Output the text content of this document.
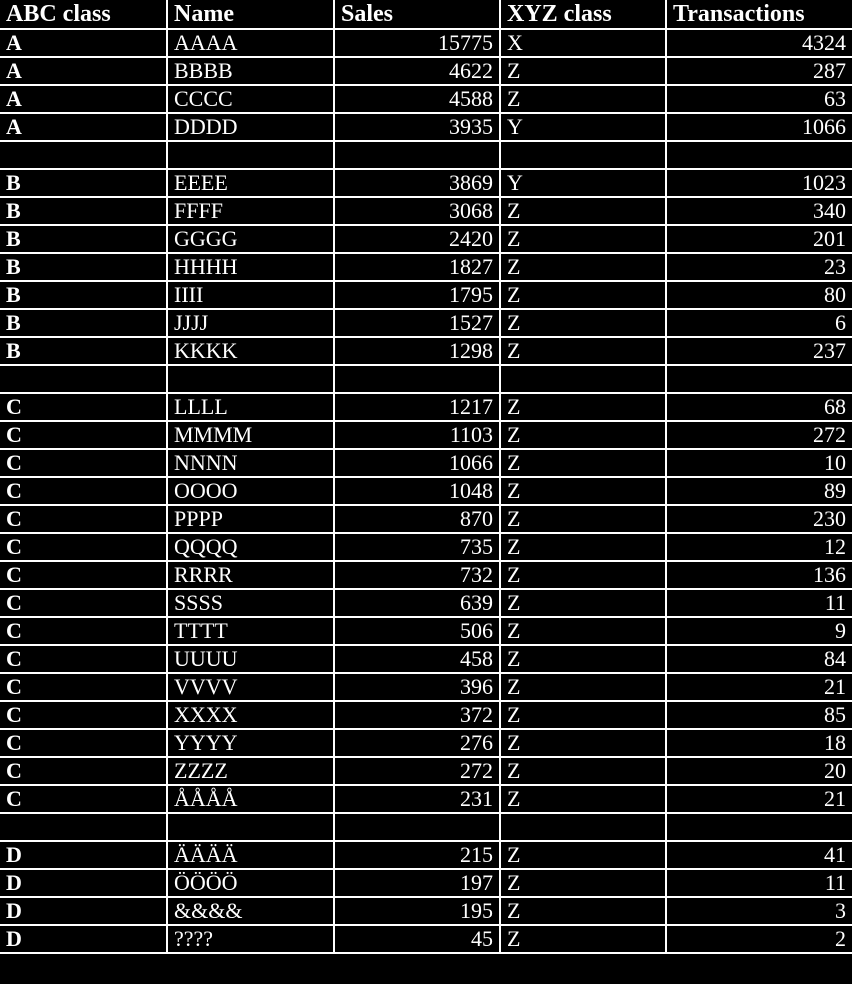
ABC class	Name	Sales	XYZ class	Transactions
A	AAAA	15775	X	4324
A	BBBB	4622	Z	287
A	CCCC	4588	Z	63
A	DDDD	3935	Y	1066

B	EEEE	3869	Y	1023
B	FFFF	3068	Z	340
B	GGGG	2420	Z	201
B	HHHH	1827	Z	23
B	IIII	1795	Z	80
B	JJJJ	1527	Z	6
B	KKKK	1298	Z	237

C	LLLL	1217	Z	68
C	MMMM	1103	Z	272
C	NNNN	1066	Z	10
C	OOOO	1048	Z	89
C	PPPP	870	Z	230
C	QQQQ	735	Z	12
C	RRRR	732	Z	136
C	SSSS	639	Z	11
C	TTTT	506	Z	9
C	UUUU	458	Z	84
C	VVVV	396	Z	21
C	XXXX	372	Z	85
C	YYYY	276	Z	18
C	ZZZZ	272	Z	20
C	ÅÅÅÅ	231	Z	21

D	ÄÄÄÄ	215	Z	41
D	ÖÖÖÖ	197	Z	11
D	&&&&	195	Z	3
D	????	45	Z	2
